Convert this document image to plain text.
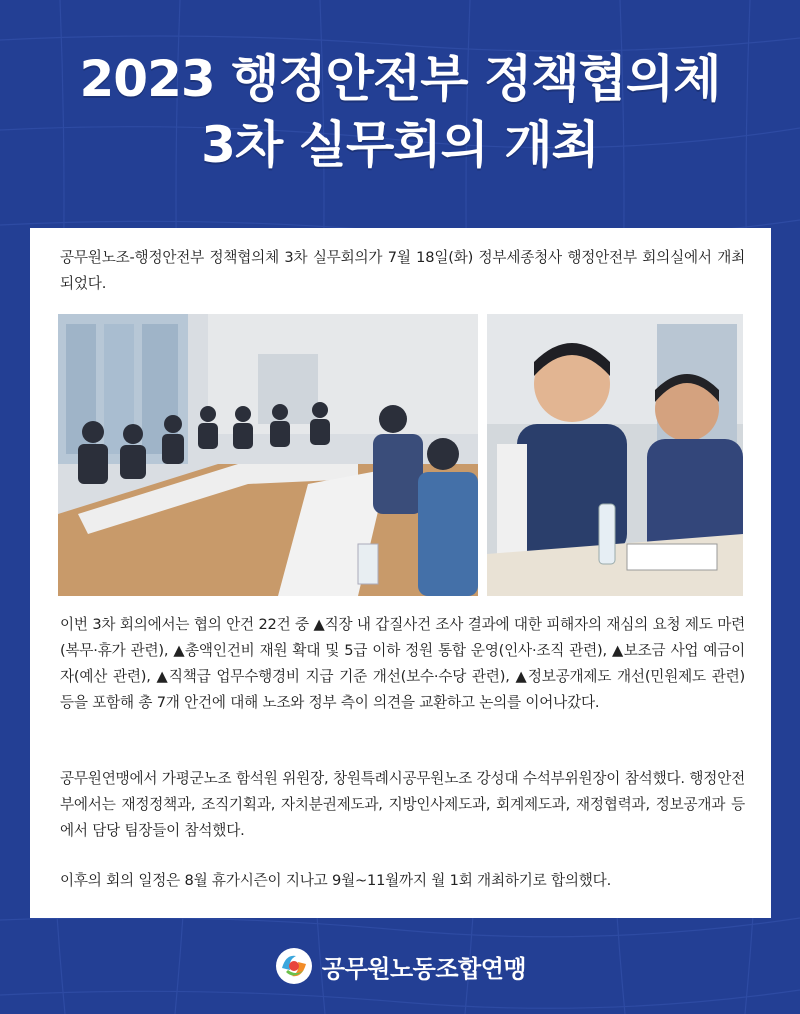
2023 행정안전부 정책협의체
3차 실무회의 개최
공무원노조-행정안전부 정책협의체 3차 실무회의가 7월 18일(화) 정부세종청사 행정안전부 회의실에서 개최되었다.
이번 3차 회의에서는 협의 안건 22건 중 ▲직장 내 갑질사건 조사 결과에 대한 피해자의 재심의 요청 제도 마련(복무·휴가 관련), ▲총액인건비 재원 확대 및 5급 이하 정원 통합 운영(인사·조직 관련), ▲보조금 사업 예금이자(예산 관련), ▲직책급 업무수행경비 지급 기준 개선(보수·수당 관련), ▲정보공개제도 개선(민원제도 관련) 등을 포함해 총 7개 안건에 대해 노조와 정부 측이 의견을 교환하고 논의를 이어나갔다.
공무원연맹에서 가평군노조 함석원 위원장, 창원특례시공무원노조 강성대 수석부위원장이 참석했다. 행정안전부에서는 재정정책과, 조직기획과, 자치분권제도과, 지방인사제도과, 회계제도과, 재정협력과, 정보공개과 등에서 담당 팀장들이 참석했다.
이후의 회의 일정은 8월 휴가시즌이 지나고 9월~11월까지 월 1회 개최하기로 합의했다.
공무원노동조합연맹
